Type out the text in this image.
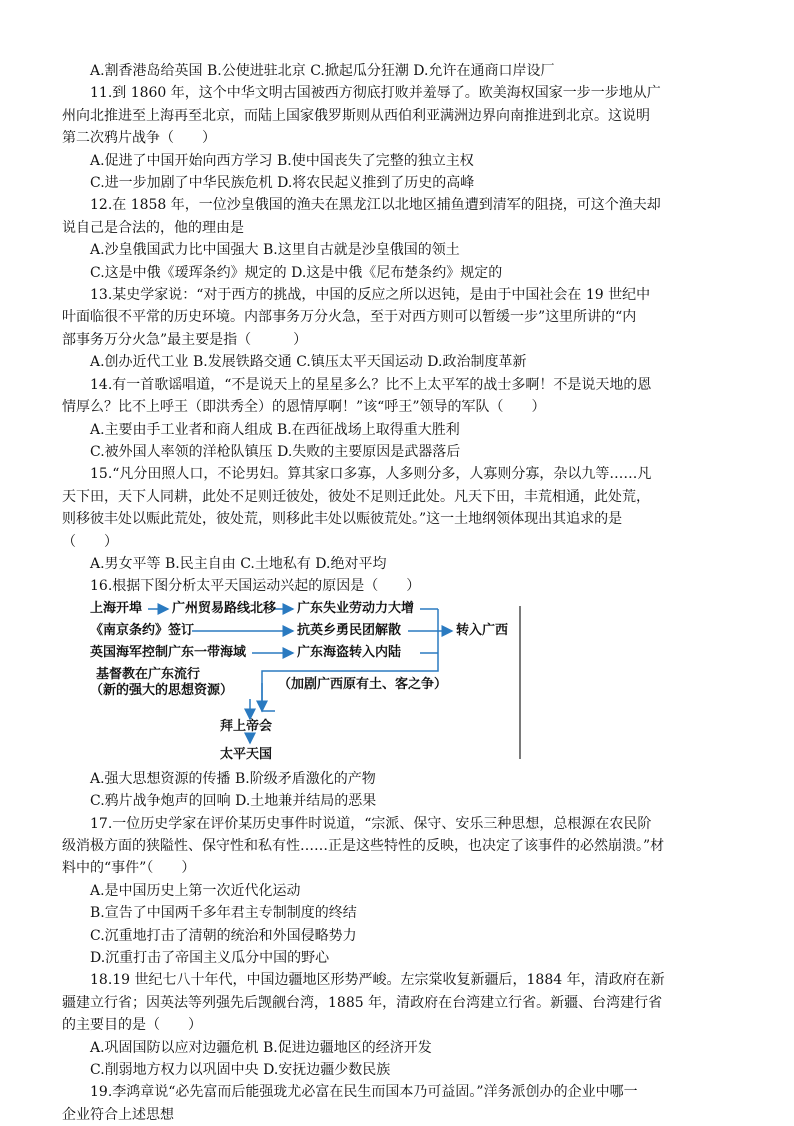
A.割香港岛给英国 B.公使进驻北京 C.掀起瓜分狂潮 D.允许在通商口岸设厂
11.到 1860 年，这个中华文明古国被西方彻底打败并羞辱了。欧美海权国家一步一步地从广
州向北推进至上海再至北京，而陆上国家俄罗斯则从西伯利亚满洲边界向南推进到北京。这说明
第二次鸦片战争（　　）
A.促进了中国开始向西方学习 B.使中国丧失了完整的独立主权
C.进一步加剧了中华民族危机 D.将农民起义推到了历史的高峰
12.在 1858 年，一位沙皇俄国的渔夫在黑龙江以北地区捕鱼遭到清军的阻挠，可这个渔夫却
说自己是合法的，他的理由是
A.沙皇俄国武力比中国强大 B.这里自古就是沙皇俄国的领土
C.这是中俄《瑷珲条约》规定的 D.这是中俄《尼布楚条约》规定的
13.某史学家说：“对于西方的挑战，中国的反应之所以迟钝，是由于中国社会在 19 世纪中
叶面临很不平常的历史环境。内部事务万分火急，至于对西方则可以暂缓一步”这里所讲的“内
部事务万分火急”最主要是指（　　　）
A.创办近代工业 B.发展铁路交通 C.镇压太平天国运动 D.政治制度革新
14.有一首歌谣唱道，“不是说天上的星星多么？比不上太平军的战士多啊！不是说天地的恩
情厚么？比不上呼王（即洪秀全）的恩情厚啊！”该“呼王”领导的军队（　　）
A.主要由手工业者和商人组成 B.在西征战场上取得重大胜利
C.被外国人率领的洋枪队镇压 D.失败的主要原因是武器落后
15.“凡分田照人口，不论男妇。算其家口多寡，人多则分多，人寡则分寡，杂以九等……凡
天下田，天下人同耕，此处不足则迁彼处，彼处不足则迁此处。凡天下田，丰荒相通，此处荒，
则移彼丰处以赈此荒处，彼处荒，则移此丰处以赈彼荒处。”这一土地纲领体现出其追求的是
（　　）
A.男女平等 B.民主自由 C.土地私有 D.绝对平均
16.根据下图分析太平天国运动兴起的原因是（　　）
上海开埠 广州贸易路线北移 广东失业劳动力大增
《南京条约》签订	抗英乡勇民团解散
英国海军控制广东一带海域	广东海盗转入内陆
转入广西
基督教在广东流行
（新的强大的思想资源）	（加剧广西原有土、客之争）
拜上帝会
太平天国
A.强大思想资源的传播 B.阶级矛盾激化的产物
C.鸦片战争炮声的回响 D.土地兼并结局的恶果
17.一位历史学家在评价某历史事件时说道，“宗派、保守、安乐三种思想，总根源在农民阶
级消极方面的狭隘性、保守性和私有性……正是这些特性的反映，也决定了该事件的必然崩溃。”材
料中的“事件”（　　）
A.是中国历史上第一次近代化运动
B.宣告了中国两千多年君主专制制度的终结
C.沉重地打击了清朝的统治和外国侵略势力
D.沉重打击了帝国主义瓜分中国的野心
18.19 世纪七八十年代，中国边疆地区形势严峻。左宗棠收复新疆后，1884 年，清政府在新
疆建立行省；因英法等列强先后觊觎台湾，1885 年，清政府在台湾建立行省。新疆、台湾建行省
的主要目的是（　　）
A.巩固国防以应对边疆危机 B.促进边疆地区的经济开发
C.削弱地方权力以巩固中央 D.安抚边疆少数民族
19.李鸿章说“必先富而后能强珑尤必富在民生而国本乃可益固。”洋务派创办的企业中哪一
企业符合上述思想
